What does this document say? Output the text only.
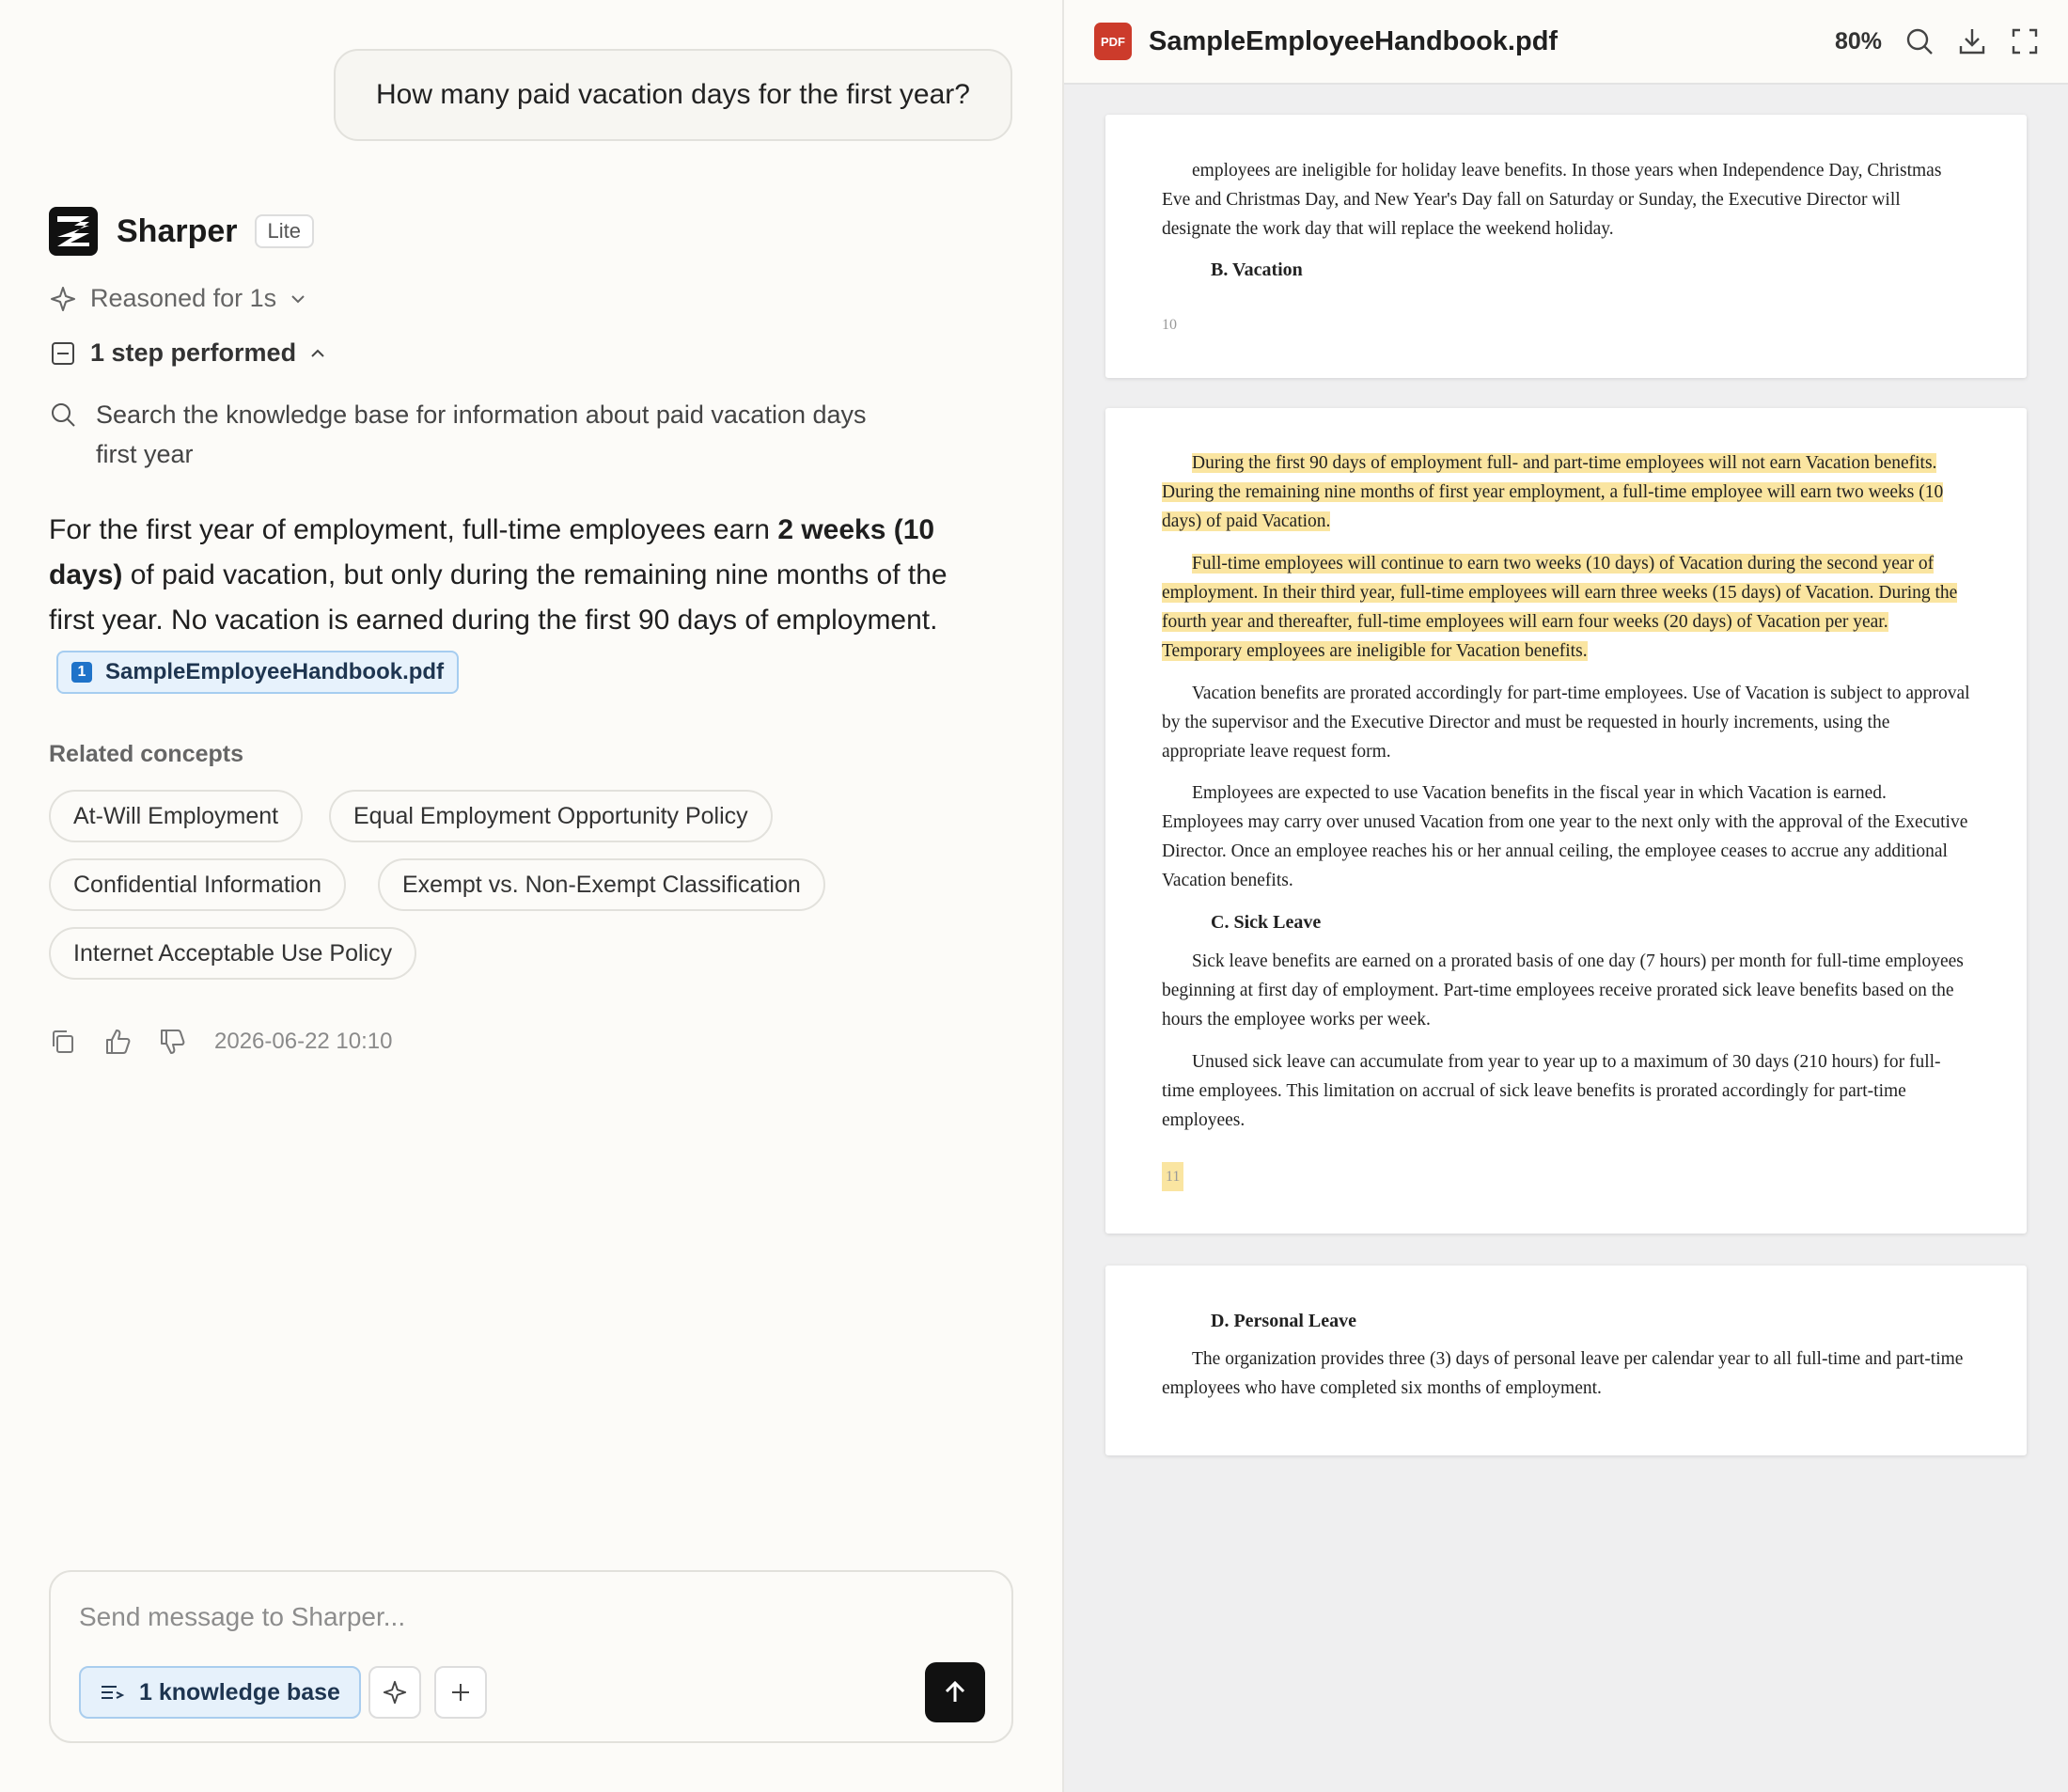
How many paid vacation days for the first year?
Sharper	Lite
Reasoned for 1s
1 step performed
Search the knowledge base for information about paid vacation days first year
For the first year of employment, full-time employees earn 2 weeks (10 days) of paid vacation, but only during the remaining nine months of the first year. No vacation is earned during the first 90 days of employment.
1 SampleEmployeeHandbook.pdf
Related concepts
At-Will Employment	Equal Employment Opportunity Policy
Confidential Information	Exempt vs. Non-Exempt Classification
Internet Acceptable Use Policy
2026-06-22 10:10
Send message to Sharper...
1 knowledge base
PDF SampleEmployeeHandbook.pdf	80%

employees are ineligible for holiday leave benefits. In those years when Independence Day, Christmas Eve and Christmas Day, and New Year's Day fall on Saturday or Sunday, the Executive Director will designate the work day that will replace the weekend holiday.

B. Vacation
10

During the first 90 days of employment full- and part-time employees will not earn Vacation benefits. During the remaining nine months of first year employment, a full-time employee will earn two weeks (10 days) of paid Vacation.

Full-time employees will continue to earn two weeks (10 days) of Vacation during the second year of employment. In their third year, full-time employees will earn three weeks (15 days) of Vacation. During the fourth year and thereafter, full-time employees will earn four weeks (20 days) of Vacation per year. Temporary employees are ineligible for Vacation benefits.

Vacation benefits are prorated accordingly for part-time employees. Use of Vacation is subject to approval by the supervisor and the Executive Director and must be requested in hourly increments, using the appropriate leave request form.

Employees are expected to use Vacation benefits in the fiscal year in which Vacation is earned. Employees may carry over unused Vacation from one year to the next only with the approval of the Executive Director. Once an employee reaches his or her annual ceiling, the employee ceases to accrue any additional Vacation benefits.

C. Sick Leave

Sick leave benefits are earned on a prorated basis of one day (7 hours) per month for full-time employees beginning at first day of employment. Part-time employees receive prorated sick leave benefits based on the hours the employee works per week.

Unused sick leave can accumulate from year to year up to a maximum of 30 days (210 hours) for full-time employees. This limitation on accrual of sick leave benefits is prorated accordingly for part-time employees.

11
D. Personal Leave

The organization provides three (3) days of personal leave per calendar year to all full-time and part-time employees who have completed six months of employment.
